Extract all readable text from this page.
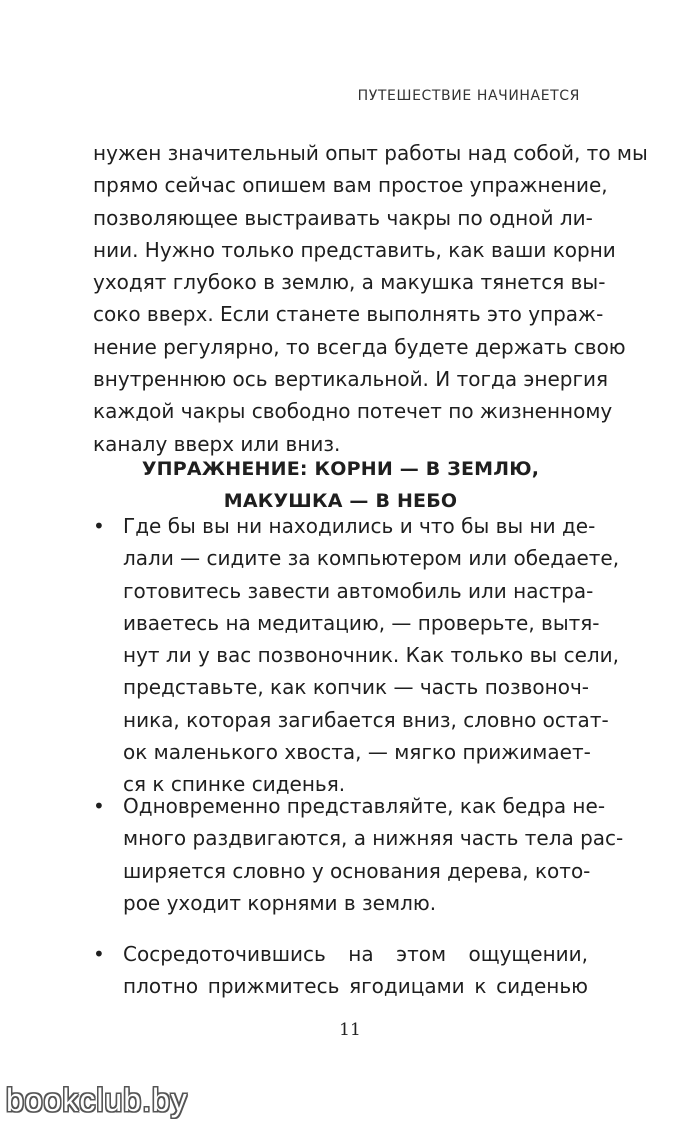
ПУТЕШЕСТВИЕ НАЧИНАЕТСЯ
нужен значительный опыт работы над собой, то мы
прямо сейчас опишем вам простое упражнение,
позволяющее выстраивать чакры по одной ли-
нии. Нужно только представить, как ваши корни
уходят глубоко в землю, а макушка тянется вы-
соко вверх. Если станете выполнять это упраж-
нение регулярно, то всегда будете держать свою
внутреннюю ось вертикальной. И тогда энергия
каждой чакры свободно потечет по жизненному
каналу вверх или вниз.
УПРАЖНЕНИЕ: КОРНИ — В ЗЕМЛЮ,
МАКУШКА — В НЕБО
• Где бы вы ни находились и что бы вы ни де-
лали — сидите за компьютером или обедаете,
готовитесь завести автомобиль или настра-
иваетесь на медитацию, — проверьте, вытя-
нут ли у вас позвоночник. Как только вы сели,
представьте, как копчик — часть позвоноч-
ника, которая загибается вниз, словно остат-
ок маленького хвоста, — мягко прижимает-
ся к спинке сиденья.
• Одновременно представляйте, как бедра не-
много раздвигаются, а нижняя часть тела рас-
ширяется словно у основания дерева, кото-
рое уходит корнями в землю.
• Сосредоточившись на этом ощущении,
плотно прижмитесь ягодицами к сиденью
11
bookclub.by
